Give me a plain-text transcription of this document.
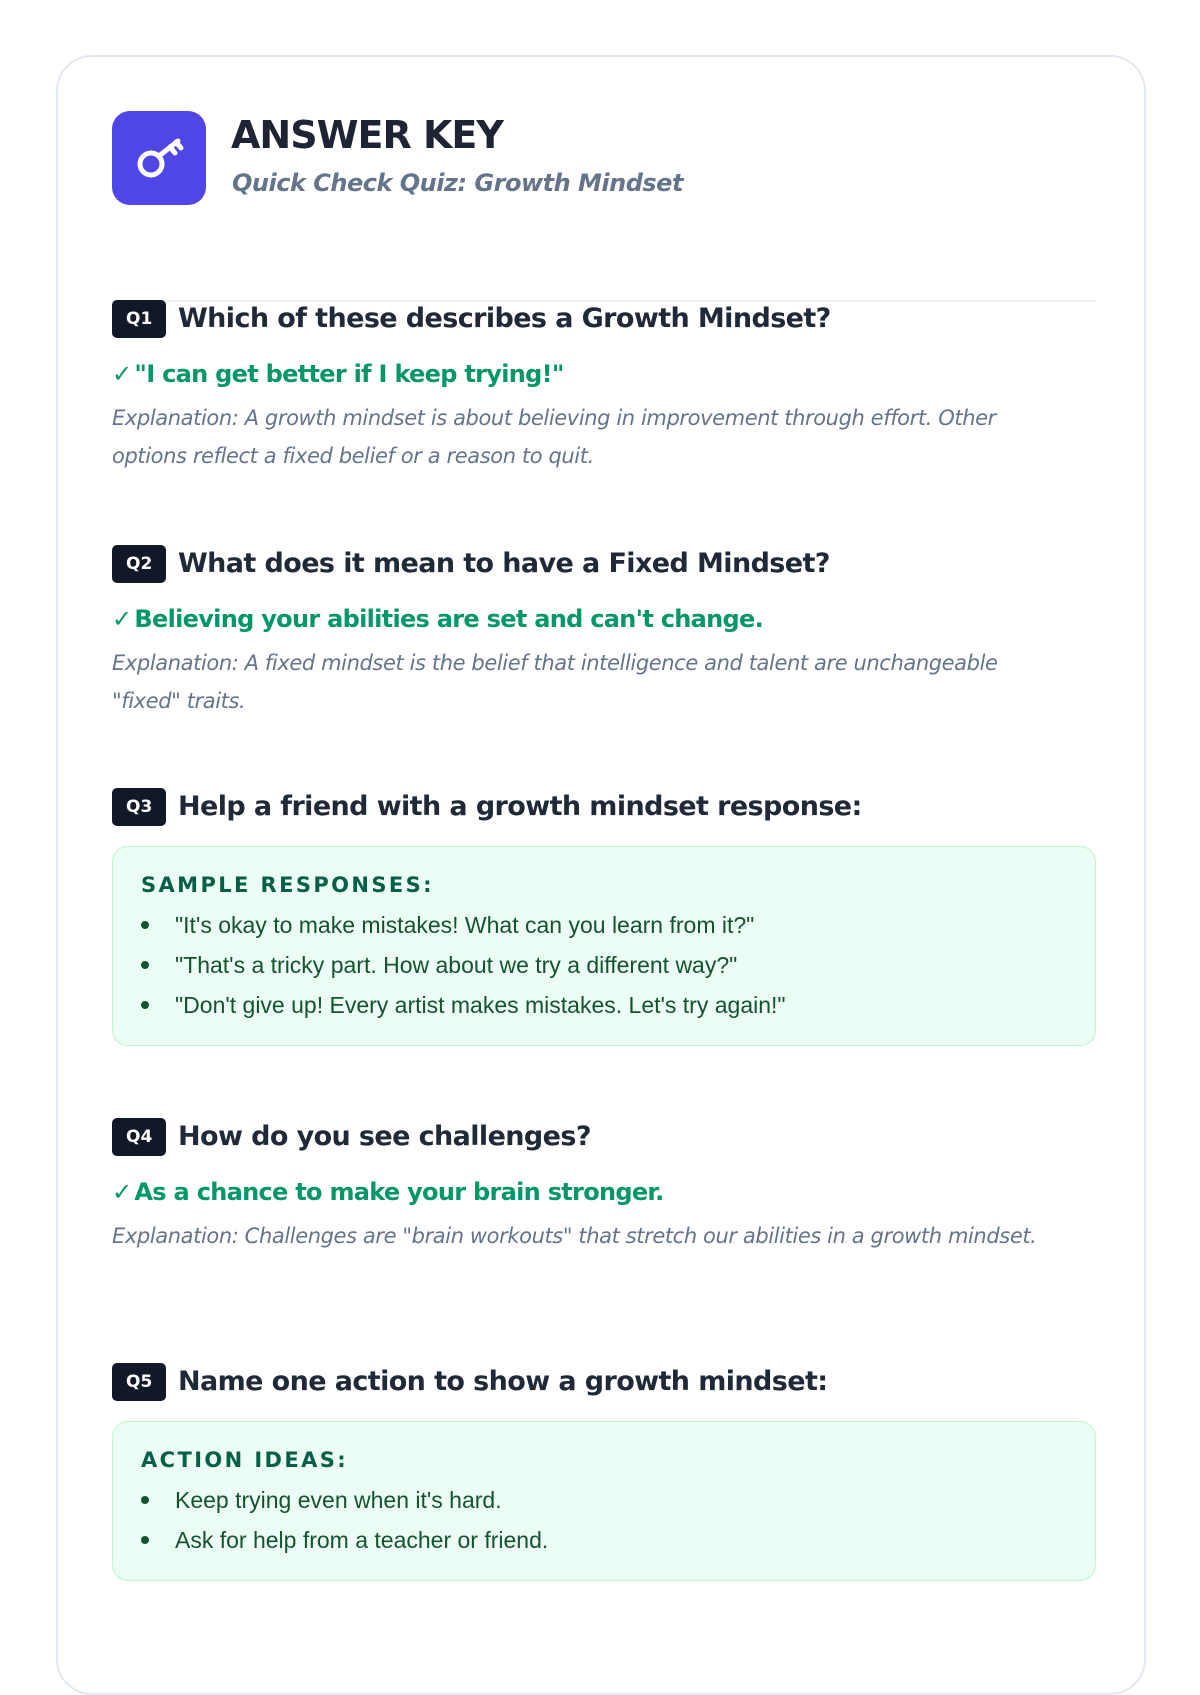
ANSWER KEY

Quick Check Quiz: Growth Mindset

Q1 Which of these describes a Growth Mindset?
✓ "I can get better if I keep trying!"
Explanation: A growth mindset is about believing in improvement through effort. Other options reflect a fixed belief or a reason to quit.
Q2 What does it mean to have a Fixed Mindset?
✓ Believing your abilities are set and can't change.
Explanation: A fixed mindset is the belief that intelligence and talent are unchangeable "fixed" traits.
Q3 Help a friend with a growth mindset response:
SAMPLE RESPONSES:
"It's okay to make mistakes! What can you learn from it?"
"That's a tricky part. How about we try a different way?"
"Don't give up! Every artist makes mistakes. Let's try again!"
Q4 How do you see challenges?
✓ As a chance to make your brain stronger.
Explanation: Challenges are "brain workouts" that stretch our abilities in a growth mindset.
Q5 Name one action to show a growth mindset:
ACTION IDEAS:
Keep trying even when it's hard.
Ask for help from a teacher or friend.
